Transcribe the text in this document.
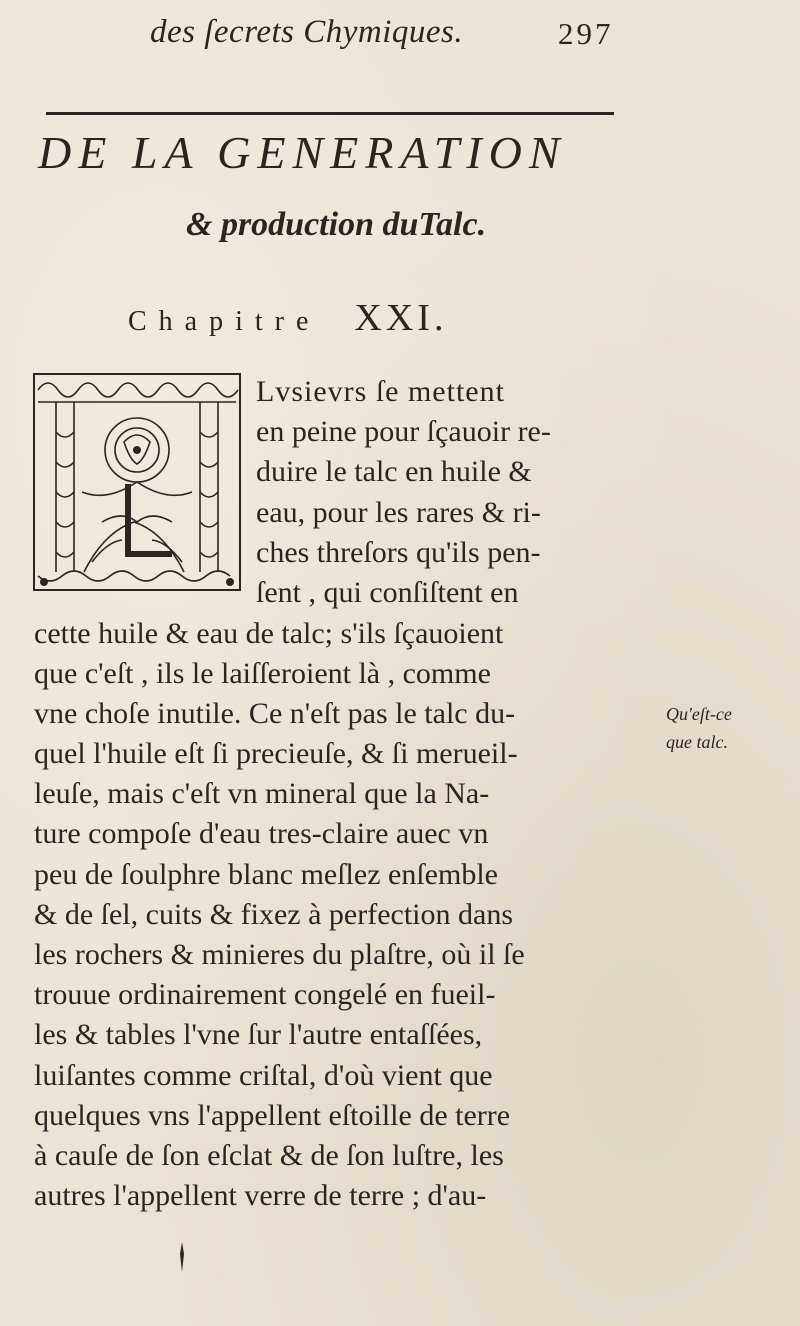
des ſecrets Chymiques.	297
DE LA GENERATION
& production duTalc.
Chapitre XXI.
Lvsievrs ſe mettent
en peine pour ſçauoir re-
duire le talc en huile &
eau, pour les rares & ri-
ches threſors qu'ils pen-
ſent , qui conſiſtent en
cette huile & eau de talc; s'ils ſçauoient
que c'eſt , ils le laiſſeroient là , comme
vne choſe inutile. Ce n'eſt pas le talc du-
quel l'huile eſt ſi precieuſe, & ſi merueil-
leuſe, mais c'eſt vn mineral que la Na-
ture compoſe d'eau tres-claire auec vn
peu de ſoulphre blanc meſlez enſemble
& de ſel, cuits & fixez à perfection dans
les rochers & minieres du plaſtre, où il ſe
trouue ordinairement congelé en fueil-
les & tables l'vne ſur l'autre entaſſées,
luiſantes comme criſtal, d'où vient que
quelques vns l'appellent eſtoille de terre
à cauſe de ſon eſclat & de ſon luſtre, les
autres l'appellent verre de terre ; d'au-
Qu'eſt-ce
que talc.
